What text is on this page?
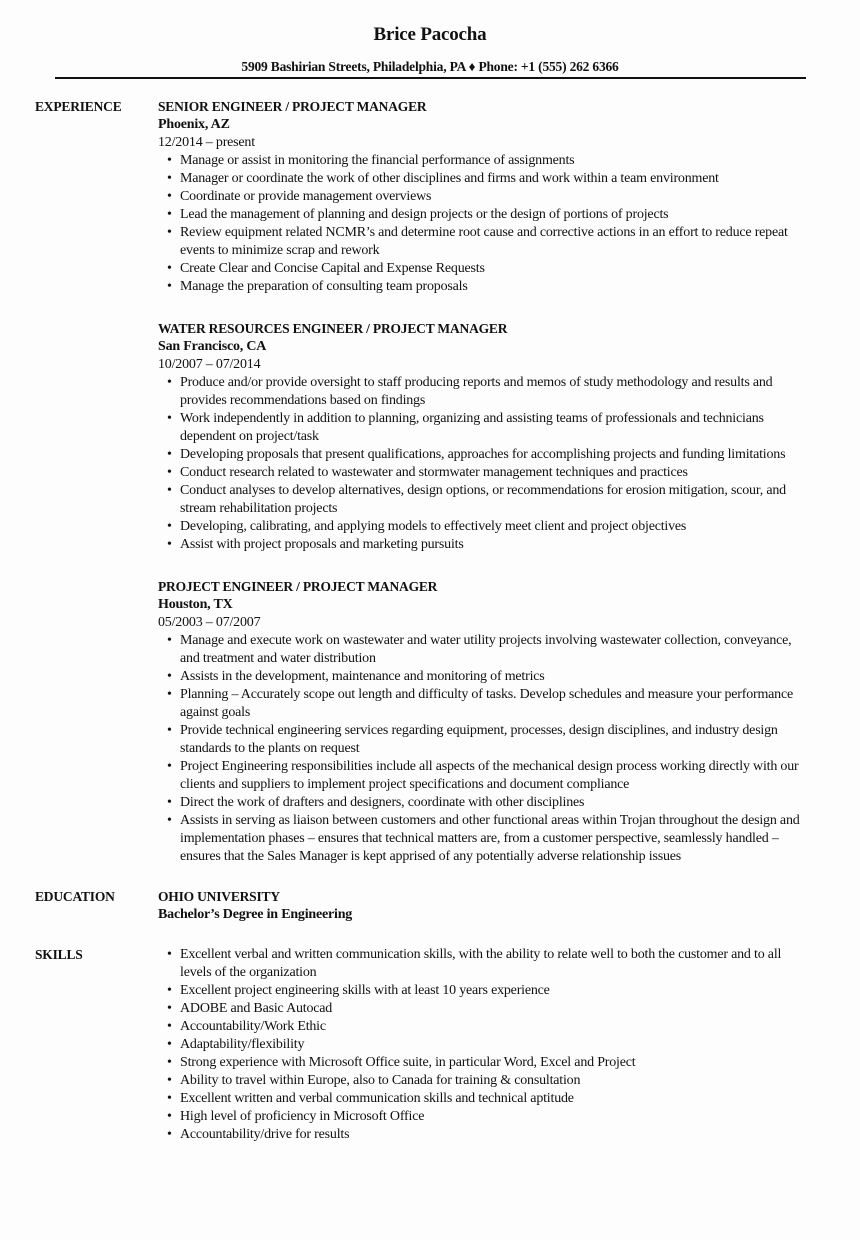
Brice Pacocha
5909 Bashirian Streets, Philadelphia, PA ♦ Phone: +1 (555) 262 6366
EXPERIENCE	SENIOR ENGINEER / PROJECT MANAGER
Phoenix, AZ
12/2014 – present
• Manage or assist in monitoring the financial performance of assignments
• Manager or coordinate the work of other disciplines and firms and work within a team environment
• Coordinate or provide management overviews
• Lead the management of planning and design projects or the design of portions of projects
• Review equipment related NCMR’s and determine root cause and corrective actions in an effort to reduce repeat events to minimize scrap and rework
• Create Clear and Concise Capital and Expense Requests
• Manage the preparation of consulting team proposals
WATER RESOURCES ENGINEER / PROJECT MANAGER
San Francisco, CA
10/2007 – 07/2014
• Produce and/or provide oversight to staff producing reports and memos of study methodology and results and provides recommendations based on findings
• Work independently in addition to planning, organizing and assisting teams of professionals and technicians dependent on project/task
• Developing proposals that present qualifications, approaches for accomplishing projects and funding limitations
• Conduct research related to wastewater and stormwater management techniques and practices
• Conduct analyses to develop alternatives, design options, or recommendations for erosion mitigation, scour, and stream rehabilitation projects
• Developing, calibrating, and applying models to effectively meet client and project objectives
• Assist with project proposals and marketing pursuits
PROJECT ENGINEER / PROJECT MANAGER
Houston, TX
05/2003 – 07/2007
• Manage and execute work on wastewater and water utility projects involving wastewater collection, conveyance, and treatment and water distribution
• Assists in the development, maintenance and monitoring of metrics
• Planning – Accurately scope out length and difficulty of tasks. Develop schedules and measure your performance against goals
• Provide technical engineering services regarding equipment, processes, design disciplines, and industry design standards to the plants on request
• Project Engineering responsibilities include all aspects of the mechanical design process working directly with our clients and suppliers to implement project specifications and document compliance
• Direct the work of drafters and designers, coordinate with other disciplines
• Assists in serving as liaison between customers and other functional areas within Trojan throughout the design and implementation phases – ensures that technical matters are, from a customer perspective, seamlessly handled – ensures that the Sales Manager is kept apprised of any potentially adverse relationship issues
EDUCATION	OHIO UNIVERSITY
Bachelor’s Degree in Engineering
SKILLS	• Excellent verbal and written communication skills, with the ability to relate well to both the customer and to all levels of the organization
• Excellent project engineering skills with at least 10 years experience
• ADOBE and Basic Autocad
• Accountability/Work Ethic
• Adaptability/flexibility
• Strong experience with Microsoft Office suite, in particular Word, Excel and Project
• Ability to travel within Europe, also to Canada for training & consultation
• Excellent written and verbal communication skills and technical aptitude
• High level of proficiency in Microsoft Office
• Accountability/drive for results
